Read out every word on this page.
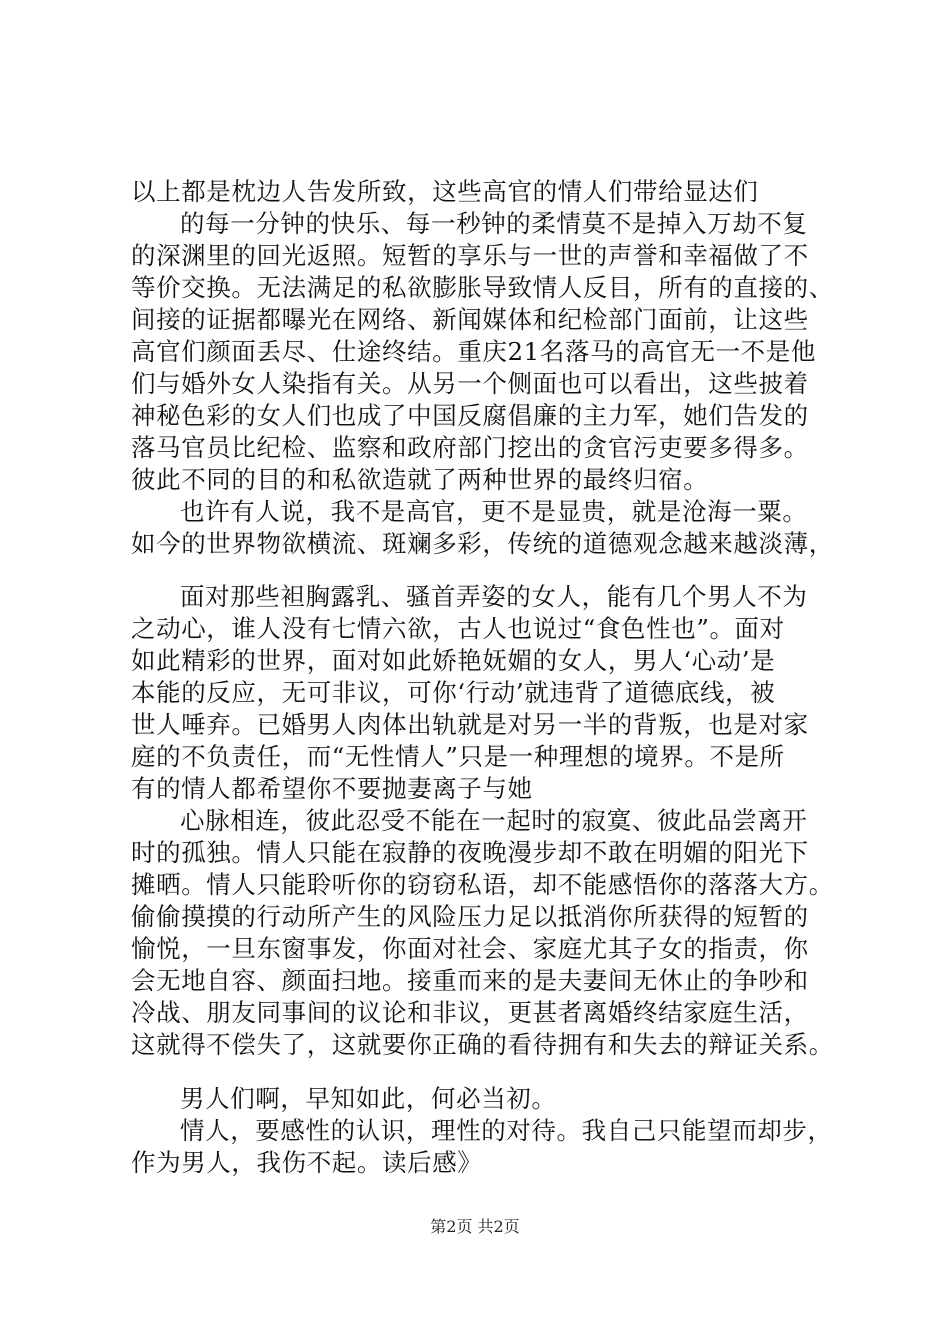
以上都是枕边人告发所致，这些高官的情人们带给显达们
的每一分钟的快乐、每一秒钟的柔情莫不是掉入万劫不复
的深渊里的回光返照。短暂的享乐与一世的声誉和幸福做了不
等价交换。无法满足的私欲膨胀导致情人反目，所有的直接的、
间接的证据都曝光在网络、新闻媒体和纪检部门面前，让这些
高官们颜面丢尽、仕途终结。重庆21名落马的高官无一不是他
们与婚外女人染指有关。从另一个侧面也可以看出，这些披着
神秘色彩的女人们也成了中国反腐倡廉的主力军，她们告发的
落马官员比纪检、监察和政府部门挖出的贪官污吏要多得多。
彼此不同的目的和私欲造就了两种世界的最终归宿。
也许有人说，我不是高官，更不是显贵，就是沧海一粟。
如今的世界物欲横流、斑斓多彩，传统的道德观念越来越淡薄，
面对那些袒胸露乳、骚首弄姿的女人，能有几个男人不为
之动心，谁人没有七情六欲，古人也说过“食色性也”。面对
如此精彩的世界，面对如此娇艳妩媚的女人，男人‘心动’是
本能的反应，无可非议，可你‘行动’就违背了道德底线，被
世人唾弃。已婚男人肉体出轨就是对另一半的背叛，也是对家
庭的不负责任，而“无性情人”只是一种理想的境界。不是所
有的情人都希望你不要抛妻离子与她
心脉相连，彼此忍受不能在一起时的寂寞、彼此品尝离开
时的孤独。情人只能在寂静的夜晚漫步却不敢在明媚的阳光下
摊晒。情人只能聆听你的窃窃私语，却不能感悟你的落落大方。
偷偷摸摸的行动所产生的风险压力足以抵消你所获得的短暂的
愉悦，一旦东窗事发，你面对社会、家庭尤其子女的指责，你
会无地自容、颜面扫地。接重而来的是夫妻间无休止的争吵和
冷战、朋友同事间的议论和非议，更甚者离婚终结家庭生活，
这就得不偿失了，这就要你正确的看待拥有和失去的辩证关系。
男人们啊，早知如此，何必当初。
情人，要感性的认识，理性的对待。我自己只能望而却步，
作为男人，我伤不起。读后感》
第2页 共2页
